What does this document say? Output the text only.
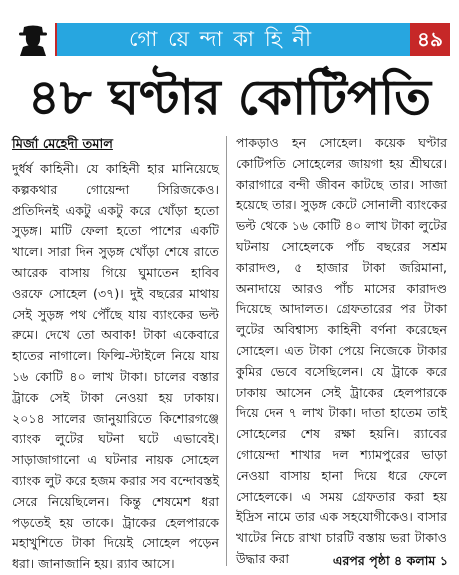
গো য়ে ন্দা কা হি নী	৪৯
৪৮ ঘণ্টার কোটিপতি
মির্জা মেহেদী তমাল
দুর্ধর্ষ কাহিনী। যে কাহিনী হার মানিয়েছে কল্পকথার গোয়েন্দা সিরিজকেও। প্রতিদিনই একটু একটু করে খোঁড়া হতো সুড়ঙ্গ। মাটি ফেলা হতো পাশের একটি খালে। সারা দিন সুড়ঙ্গ খোঁড়া শেষে রাতে আরেক বাসায় গিয়ে ঘুমাতেন হাবিব ওরফে সোহেল (৩৭)। দুই বছরের মাথায় সেই সুড়ঙ্গ পথ পৌঁছে যায় ব্যাংকের ভল্ট রুমে। দেখে তো অবাক! টাকা একেবারে হাতের নাগালে। ফিল্মি-স্টাইলে নিয়ে যায় ১৬ কোটি ৪০ লাখ টাকা। চালের বস্তার ট্রাকে সেই টাকা নেওয়া হয় ঢাকায়। ২০১৪ সালের জানুয়ারিতে কিশোরগঞ্জে ব্যাংক লুটের ঘটনা ঘটে এভাবেই। সাড়াজাগানো এ ঘটনার নায়ক সোহেল ব্যাংক লুট করে হজম করার সব বন্দোবস্তই সেরে নিয়েছিলেন। কিন্তু শেষমেশ ধরা পড়তেই হয় তাকে। ট্রাকের হেলপারকে মহাখুশিতে টাকা দিয়েই সোহেল পড়েন ধরা। জানাজানি হয়। র‍্যাব আসে।
পাকড়াও হন সোহেল। কয়েক ঘণ্টার কোটিপতি সোহেলের জায়গা হয় শ্রীঘরে। কারাগারে বন্দী জীবন কাটছে তার। সাজা হয়েছে তার। সুড়ঙ্গ কেটে সোনালী ব্যাংকের ভল্ট থেকে ১৬ কোটি ৪০ লাখ টাকা লুটের ঘটনায় সোহেলকে পাঁচ বছরের সশ্রম কারাদণ্ড, ৫ হাজার টাকা জরিমানা, অনাদায়ে আরও পাঁচ মাসের কারাদণ্ড দিয়েছে আদালত। গ্রেফতারের পর টাকা লুটের অবিশ্বাস্য কাহিনী বর্ণনা করেছেন সোহেল। এত টাকা পেয়ে নিজেকে টাকার কুমির ভেবে বসেছিলেন। যে ট্রাকে করে ঢাকায় আসেন সেই ট্রাকের হেলপারকে দিয়ে দেন ৭ লাখ টাকা। দাতা হাতেম তাই সোহেলের শেষ রক্ষা হয়নি। র‍্যাবের গোয়েন্দা শাখার দল শ্যামপুরের ভাড়া নেওয়া বাসায় হানা দিয়ে ধরে ফেলে সোহেলকে। এ সময় গ্রেফতার করা হয় ইদ্রিস নামে তার এক সহযোগীকেও। বাসার খাটের নিচে রাখা চারটি বস্তায় ভরা টাকাও উদ্ধার করা	এরপর পৃষ্ঠা ৪ কলাম ১
